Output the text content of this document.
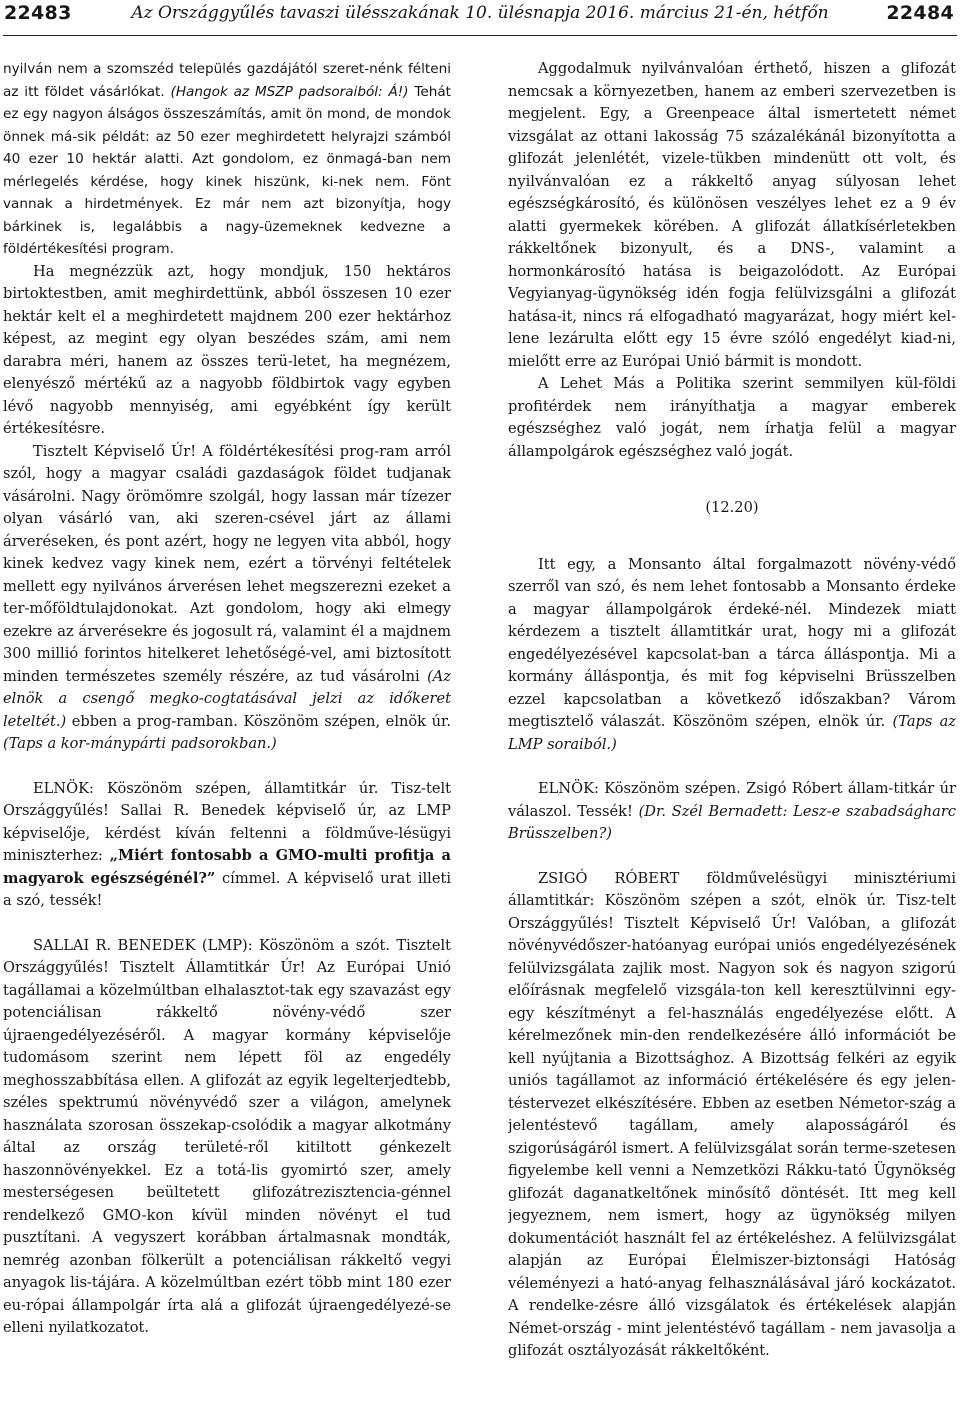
22483	Az Országgyűlés tavaszi ülésszakának 10. ülésnapja 2016. március 21-én, hétfőn	22484

nyilván nem a szomszéd település gazdájától szeret-nénk félteni az itt földet vásárlókat. (Hangok az MSZP padsoraiból: Á!) Tehát ez egy nagyon álságos összeszámítás, amit ön mond, de mondok önnek má-sik példát: az 50 ezer meghirdetett helyrajzi számból 40 ezer 10 hektár alatti. Azt gondolom, ez önmagá-ban nem mérlegelés kérdése, hogy kinek hiszünk, ki-nek nem. Fönt vannak a hirdetmények. Ez már nem azt bizonyítja, hogy bárkinek is, legalábbis a nagy-üzemeknek kedvezne a földértékesítési program.

Ha megnézzük azt, hogy mondjuk, 150 hektáros birtoktestben, amit meghirdettünk, abból összesen 10 ezer hektár kelt el a meghirdetett majdnem 200 ezer hektárhoz képest, az megint egy olyan beszédes szám, ami nem darabra méri, hanem az összes terü-letet, ha megnézem, elenyésző mértékű az a nagyobb földbirtok vagy egyben lévő nagyobb mennyiség, ami egyébként így került értékesítésre.

Tisztelt Képviselő Úr! A földértékesítési prog-ram arról szól, hogy a magyar családi gazdaságok földet tudjanak vásárolni. Nagy örömömre szolgál, hogy lassan már tízezer olyan vásárló van, aki szeren-csével járt az állami árveréseken, és pont azért, hogy ne legyen vita abból, hogy kinek kedvez vagy kinek nem, ezért a törvényi feltételek mellett egy nyilvános árverésen lehet megszerezni ezeket a ter-mőföldtulajdonokat. Azt gondolom, hogy aki elmegy ezekre az árverésekre és jogosult rá, valamint él a majdnem 300 millió forintos hitelkeret lehetőségé-vel, ami biztosított minden természetes személy részére, az tud vásárolni (Az elnök a csengő megko-cogtatásával jelzi az időkeret leteltét.) ebben a prog-ramban. Köszönöm szépen, elnök úr. (Taps a kor-mánypárti padsorokban.)

ELNÖK: Köszönöm szépen, államtitkár úr. Tisz-telt Országgyűlés! Sallai R. Benedek képviselő úr, az LMP képviselője, kérdést kíván feltenni a földműve-lésügyi miniszterhez: „Miért fontosabb a GMO-multi profitja a magyarok egészségénél?” címmel. A képviselő urat illeti a szó, tessék!

SALLAI R. BENEDEK (LMP): Köszönöm a szót. Tisztelt Országgyűlés! Tisztelt Államtitkár Úr! Az Európai Unió tagállamai a közelmúltban elhalasztot-tak egy szavazást egy potenciálisan rákkeltő növény-védő szer újraengedélyezéséről. A magyar kormány képviselője tudomásom szerint nem lépett föl az engedély meghosszabbítása ellen. A glifozát az egyik legelterjedtebb, széles spektrumú növényvédő szer a világon, amelynek használata szorosan összekap-csolódik a magyar alkotmány által az ország területé-ről kitiltott génkezelt haszonnövényekkel. Ez a totá-lis gyomirtó szer, amely mesterségesen beültetett glifozátrezisztencia-génnel rendelkező GMO-kon kívül minden növényt el tud pusztítani. A vegyszert korábban ártalmasnak mondták, nemrég azonban fölkerült a potenciálisan rákkeltő vegyi anyagok lis-tájára. A közelmúltban ezért több mint 180 ezer eu-rópai állampolgár írta alá a glifozát újraengedélyezé-se elleni nyilatkozatot.

Aggodalmuk nyilvánvalóan érthető, hiszen a glifozát nemcsak a környezetben, hanem az emberi szervezetben is megjelent. Egy, a Greenpeace által ismertetett német vizsgálat az ottani lakosság 75 százalékánál bizonyította a glifozát jelenlétét, vizele-tükben mindenütt ott volt, és nyilvánvalóan ez a rákkeltő anyag súlyosan lehet egészségkárosító, és különösen veszélyes lehet ez a 9 év alatti gyermekek körében. A glifozát állatkísérletekben rákkeltőnek bizonyult, és a DNS-, valamint a hormonkárosító hatása is beigazolódott. Az Európai Vegyianyag-ügynökség idén fogja felülvizsgálni a glifozát hatása-it, nincs rá elfogadható magyarázat, hogy miért kel-lene lezárulta előtt egy 15 évre szóló engedélyt kiad-ni, mielőtt erre az Európai Unió bármit is mondott.

A Lehet Más a Politika szerint semmilyen kül-földi profitérdek nem irányíthatja a magyar emberek egészséghez való jogát, nem írhatja felül a magyar állampolgárok egészséghez való jogát.

(12.20)

Itt egy, a Monsanto által forgalmazott növény-védő szerről van szó, és nem lehet fontosabb a Monsanto érdeke a magyar állampolgárok érdeké-nél. Mindezek miatt kérdezem a tisztelt államtitkár urat, hogy mi a glifozát engedélyezésével kapcsolat-ban a tárca álláspontja. Mi a kormány álláspontja, és mit fog képviselni Brüsszelben ezzel kapcsolatban a következő időszakban? Várom megtisztelő válaszát. Köszönöm szépen, elnök úr. (Taps az LMP soraiból.)

ELNÖK: Köszönöm szépen. Zsigó Róbert állam-titkár úr válaszol. Tessék! (Dr. Szél Bernadett: Lesz-e szabadságharc Brüsszelben?)

ZSIGÓ RÓBERT földművelésügyi minisztériumi államtitkár: Köszönöm szépen a szót, elnök úr. Tisz-telt Országgyűlés! Tisztelt Képviselő Úr! Valóban, a glifozát növényvédőszer-hatóanyag európai uniós engedélyezésének felülvizsgálata zajlik most. Nagyon sok és nagyon szigorú előírásnak megfelelő vizsgála-ton kell keresztülvinni egy-egy készítményt a fel-használás engedélyezése előtt. A kérelmezőnek min-den rendelkezésére álló információt be kell nyújtania a Bizottsághoz. A Bizottság felkéri az egyik uniós tagállamot az információ értékelésére és egy jelen-téstervezet elkészítésére. Ebben az esetben Németor-szág a jelentéstevő tagállam, amely alaposságáról és szigorúságáról ismert. A felülvizsgálat során terme-szetesen figyelembe kell venni a Nemzetközi Rákku-tató Ügynökség glifozát daganatkeltőnek minősítő döntését. Itt meg kell jegyeznem, nem ismert, hogy az ügynökség milyen dokumentációt használt fel az értékeléshez. A felülvizsgálat alapján az Európai Élelmiszer-biztonsági Hatóság véleményezi a ható-anyag felhasználásával járó kockázatot. A rendelke-zésre álló vizsgálatok és értékelések alapján Német-ország - mint jelentéstévő tagállam - nem javasolja a glifozát osztályozását rákkeltőként.
